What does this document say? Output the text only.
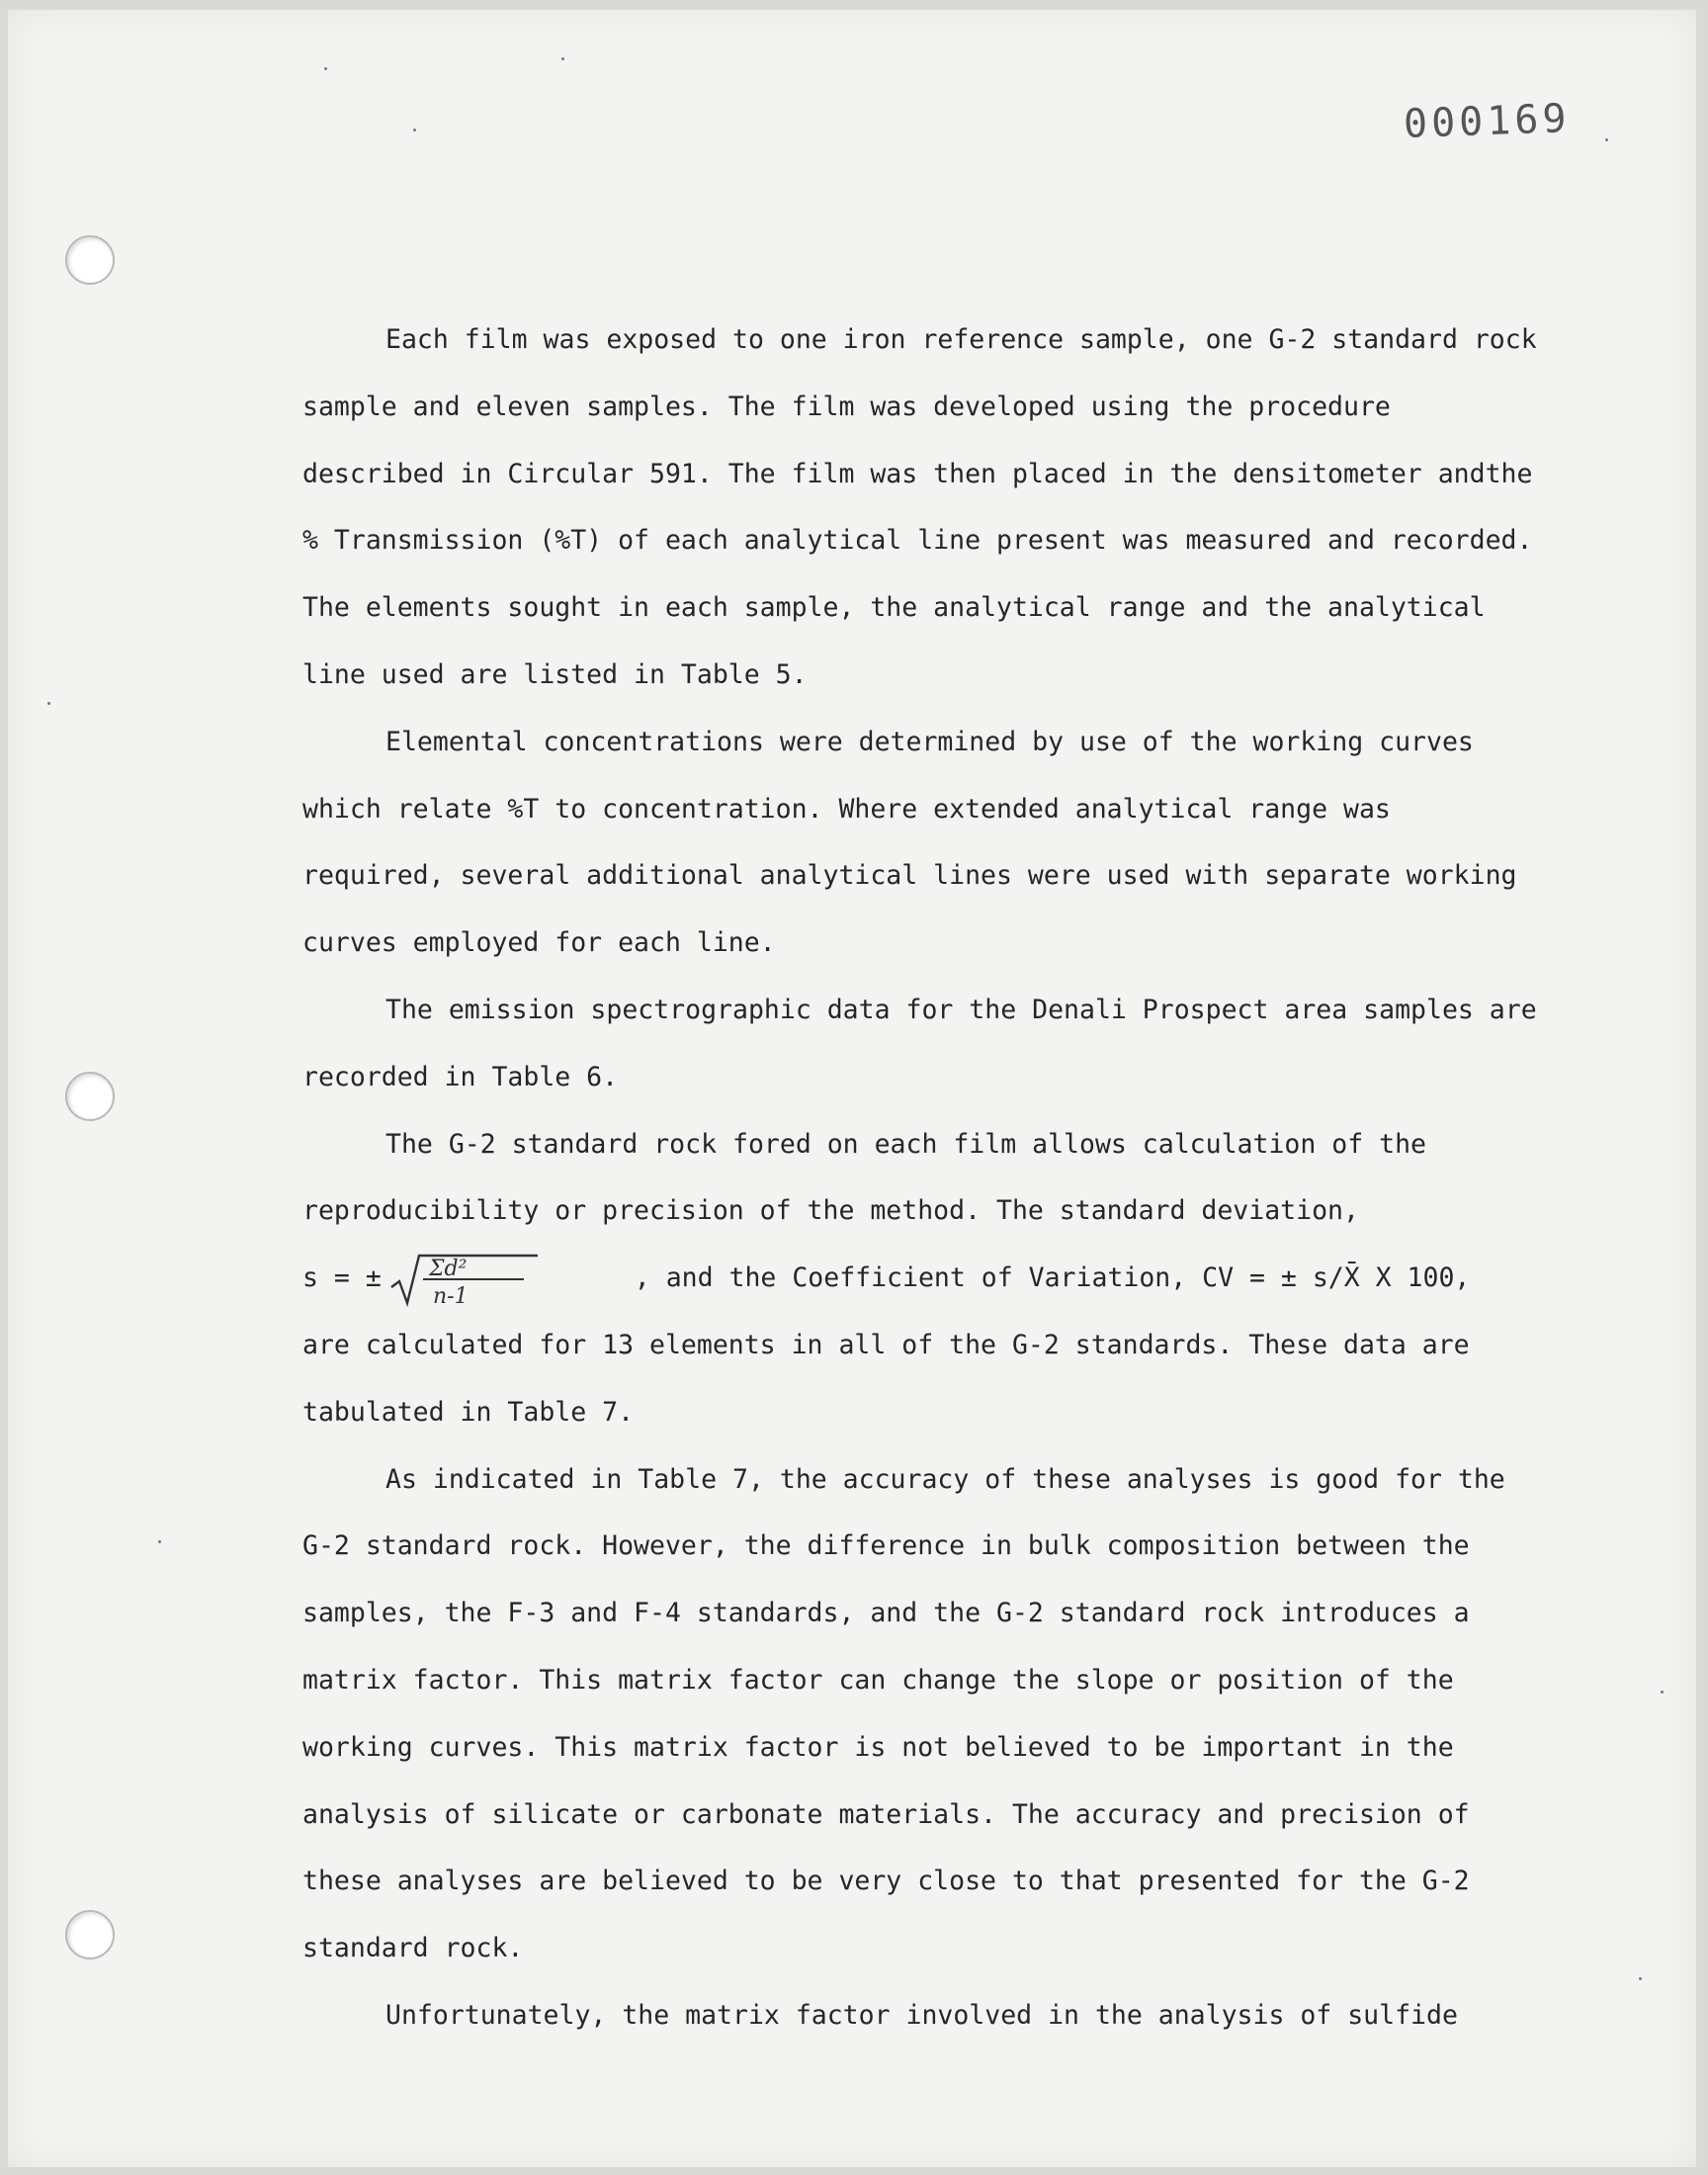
000169

Each film was exposed to one iron reference sample, one G-2 standard rock sample and eleven samples. The film was developed using the procedure described in Circular 591. The film was then placed in the densitometer andthe % Transmission (%T) of each analytical line present was measured and recorded. The elements sought in each sample, the analytical range and the analytical line used are listed in Table 5.

Elemental concentrations were determined by use of the working curves which relate %T to concentration. Where extended analytical range was required, several additional analytical lines were used with separate working curves employed for each line.

The emission spectrographic data for the Denali Prospect area samples are recorded in Table 6.

The G-2 standard rock fored on each film allows calculation of the reproducibility or precision of the method. The standard deviation,

s = ± Σd²
n-1
, and the Coefficient of Variation, CV = ± s/X̄ X 100,
are calculated for 13 elements in all of the G-2 standards. These data are tabulated in Table 7.

As indicated in Table 7, the accuracy of these analyses is good for the G-2 standard rock. However, the difference in bulk composition between the samples, the F-3 and F-4 standards, and the G-2 standard rock introduces a matrix factor. This matrix factor can change the slope or position of the working curves. This matrix factor is not believed to be important in the analysis of silicate or carbonate materials. The accuracy and precision of these analyses are believed to be very close to that presented for the G-2 standard rock.

Unfortunately, the matrix factor involved in the analysis of sulfide
